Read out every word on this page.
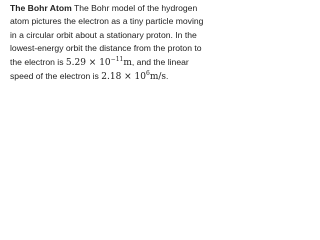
The Bohr Atom The Bohr model of the hydrogen
atom pictures the electron as a tiny particle moving
in a circular orbit about a stationary proton. In the
lowest-energy orbit the distance from the proton to
the electron is $5.29 \times 10^{-11}m$, and the linear
speed of the electron is $2.18 \times 10^6m/s$.
